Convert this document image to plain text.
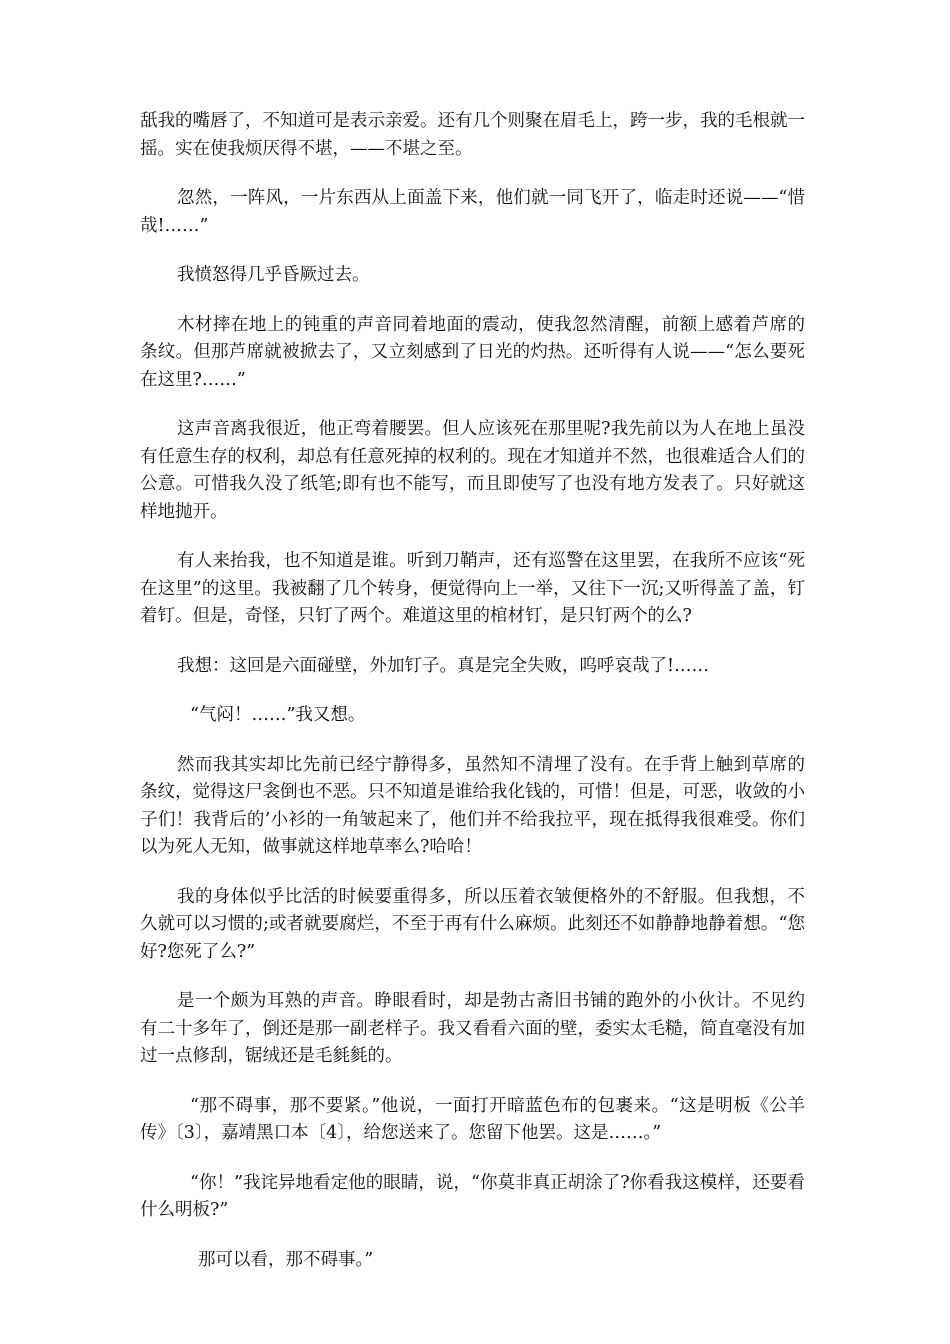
舐我的嘴唇了，不知道可是表示亲爱。还有几个则聚在眉毛上，跨一步，我的毛根就一摇。实在使我烦厌得不堪，——不堪之至。

忽然，一阵风，一片东西从上面盖下来，他们就一同飞开了，临走时还说——“惜哉!……”

我愤怒得几乎昏厥过去。

木材摔在地上的钝重的声音同着地面的震动，使我忽然清醒，前额上感着芦席的条纹。但那芦席就被掀去了，又立刻感到了日光的灼热。还听得有人说——“怎么要死在这里?……”

这声音离我很近，他正弯着腰罢。但人应该死在那里呢?我先前以为人在地上虽没有任意生存的权利，却总有任意死掉的权利的。现在才知道并不然，也很难适合人们的公意。可惜我久没了纸笔;即有也不能写，而且即使写了也没有地方发表了。只好就这样地抛开。

有人来抬我，也不知道是谁。听到刀鞘声，还有巡警在这里罢，在我所不应该“死在这里”的这里。我被翻了几个转身，便觉得向上一举，又往下一沉;又听得盖了盖，钉着钉。但是，奇怪，只钉了两个。难道这里的棺材钉，是只钉两个的么?

我想：这回是六面碰壁，外加钉子。真是完全失败，呜呼哀哉了!……

“气闷！……”我又想。

然而我其实却比先前已经宁静得多，虽然知不清埋了没有。在手背上触到草席的条纹，觉得这尸衾倒也不恶。只不知道是谁给我化钱的，可惜！但是，可恶，收敛的小子们！我背后的’小衫的一角皱起来了，他们并不给我拉平，现在抵得我很难受。你们以为死人无知，做事就这样地草率么?哈哈！

我的身体似乎比活的时候要重得多，所以压着衣皱便格外的不舒服。但我想，不久就可以习惯的;或者就要腐烂，不至于再有什么麻烦。此刻还不如静静地静着想。“您好?您死了么?”

是一个颇为耳熟的声音。睁眼看时，却是勃古斋旧书铺的跑外的小伙计。不见约有二十多年了，倒还是那一副老样子。我又看看六面的壁，委实太毛糙，简直毫没有加过一点修刮，锯绒还是毛毵毵的。

“那不碍事，那不要紧。”他说，一面打开暗蓝色布的包裹来。“这是明板《公羊传》〔3〕，嘉靖黑口本〔4〕，给您送来了。您留下他罢。这是……。”

“你！”我诧异地看定他的眼睛，说，“你莫非真正胡涂了?你看我这模样，还要看什么明板?”

那可以看，那不碍事。”
